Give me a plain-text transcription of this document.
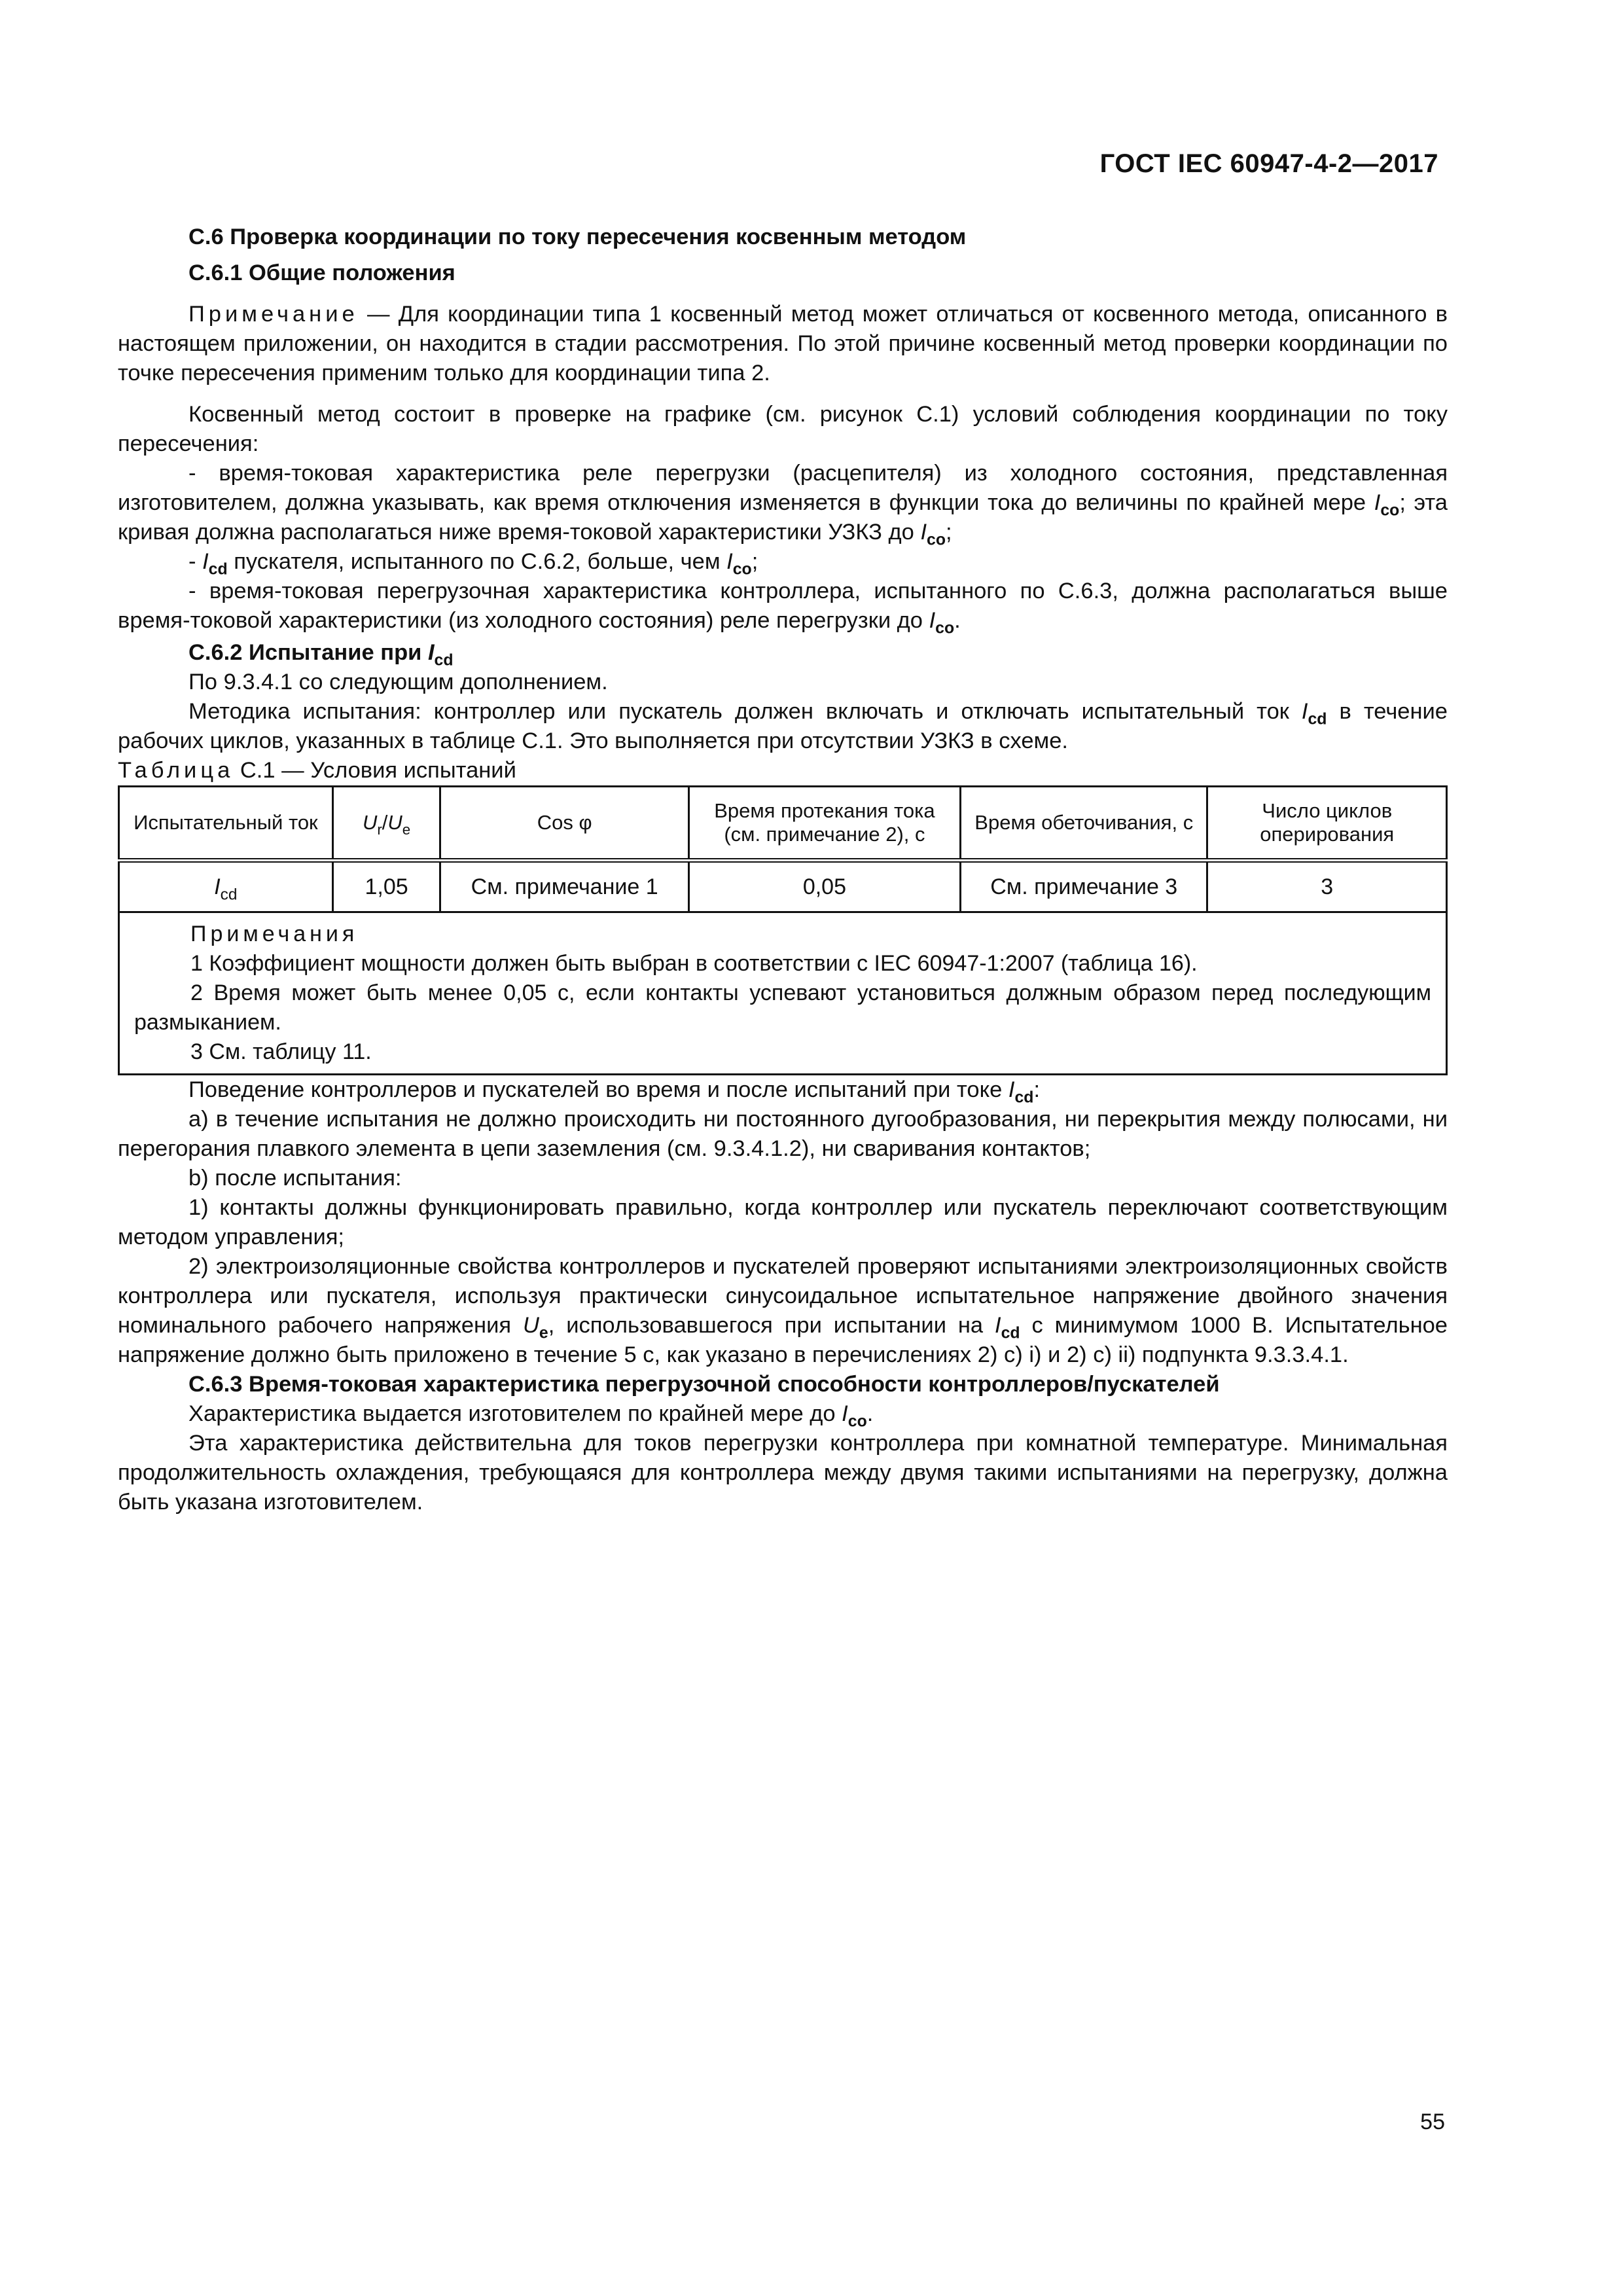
ГОСТ IEC 60947-4-2—2017

С.6 Проверка координации по току пересечения косвенным методом

С.6.1 Общие положения

Примечание — Для координации типа 1 косвенный метод может отличаться от косвенного метода, описанного в настоящем приложении, он находится в стадии рассмотрения. По этой причине косвенный метод проверки координации по точке пересечения применим только для координации типа 2.

Косвенный метод состоит в проверке на графике (см. рисунок С.1) условий соблюдения координации по току пересечения:

- время-токовая характеристика реле перегрузки (расцепителя) из холодного состояния, представленная изготовителем, должна указывать, как время отключения изменяется в функции тока до величины по крайней мере $I_{co}$; эта кривая должна располагаться ниже время-токовой характеристики УЗКЗ до $I_{co}$;

- $I_{cd}$ пускателя, испытанного по С.6.2, больше, чем $I_{co}$;

- время-токовая перегрузочная характеристика контроллера, испытанного по С.6.3, должна располагаться выше время-токовой характеристики (из холодного состояния) реле перегрузки до $I_{co}$.

С.6.2 Испытание при $I_{cd}$

По 9.3.4.1 со следующим дополнением.

Методика испытания: контроллер или пускатель должен включать и отключать испытательный ток $I_{cd}$ в течение рабочих циклов, указанных в таблице С.1. Это выполняется при отсутствии УЗКЗ в схеме.

Таблица С.1 — Условия испытаний

Испытательный ток	$U_r/U_e$	Cos φ	Время протекания тока (см. примечание 2), с	Время обеточивания, с	Число циклов оперирования
$I_{cd}$	1,05	См. примечание 1	0,05	См. примечание 3	3

Примечания

1 Коэффициент мощности должен быть выбран в соответствии с IEC 60947-1:2007 (таблица 16).

2 Время может быть менее 0,05 с, если контакты успевают установиться должным образом перед последующим размыканием.

3 См. таблицу 11.					

Поведение контроллеров и пускателей во время и после испытаний при токе $I_{cd}$:

a) в течение испытания не должно происходить ни постоянного дугообразования, ни перекрытия между полюсами, ни перегорания плавкого элемента в цепи заземления (см. 9.3.4.1.2), ни сваривания контактов;

b) после испытания:

1) контакты должны функционировать правильно, когда контроллер или пускатель переключают соответствующим методом управления;

2) электроизоляционные свойства контроллеров и пускателей проверяют испытаниями электроизоляционных свойств контроллера или пускателя, используя практически синусоидальное испытательное напряжение двойного значения номинального рабочего напряжения $U_e$, использовавшегося при испытании на $I_{cd}$ с минимумом 1000 В. Испытательное напряжение должно быть приложено в течение 5 с, как указано в перечислениях 2) c) i) и 2) c) ii) подпункта 9.3.3.4.1.

С.6.3 Время-токовая характеристика перегрузочной способности контроллеров/пускателей

Характеристика выдается изготовителем по крайней мере до $I_{co}$.

Эта характеристика действительна для токов перегрузки контроллера при комнатной температуре. Минимальная продолжительность охлаждения, требующаяся для контроллера между двумя такими испытаниями на перегрузку, должна быть указана изготовителем.

55
